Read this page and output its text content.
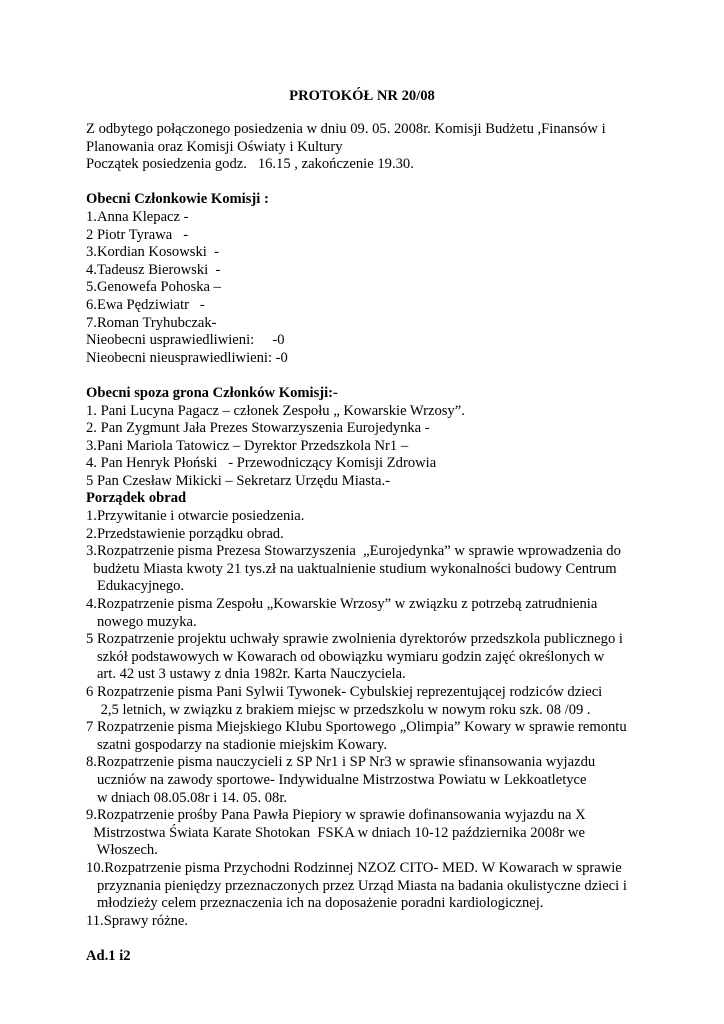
PROTOKÓŁ NR 20/08

Z odbytego połączonego posiedzenia w dniu 09. 05. 2008r. Komisji Budżetu ,Finansów i

Planowania oraz Komisji Oświaty i Kultury

Początek posiedzenia godz.   16.15 , zakończenie 19.30.

Obecni Członkowie Komisji :

1.Anna Klepacz -

2 Piotr Tyrawa   -

3.Kordian Kosowski  -

4.Tadeusz Bierowski  -

5.Genowefa Pohoska –

6.Ewa Pędziwiatr   -

7.Roman Tryhubczak-

Nieobecni usprawiedliwieni:     -0

Nieobecni nieusprawiedliwieni: -0

Obecni spoza grona Członków Komisji:-

1. Pani Lucyna Pagacz – członek Zespołu „ Kowarskie Wrzosy”.

2. Pan Zygmunt Jała Prezes Stowarzyszenia Eurojedynka -

3.Pani Mariola Tatowicz – Dyrektor Przedszkola Nr1 –

4. Pan Henryk Płoński   - Przewodniczący Komisji Zdrowia

5 Pan Czesław Mikicki – Sekretarz Urzędu Miasta.-

Porządek obrad

1.Przywitanie i otwarcie posiedzenia.

2.Przedstawienie porządku obrad.

3.Rozpatrzenie pisma Prezesa Stowarzyszenia  „Eurojedynka” w sprawie wprowadzenia do

budżetu Miasta kwoty 21 tys.zł na uaktualnienie studium wykonalności budowy Centrum

Edukacyjnego.

4.Rozpatrzenie pisma Zespołu „Kowarskie Wrzosy” w związku z potrzebą zatrudnienia

nowego muzyka.

5 Rozpatrzenie projektu uchwały sprawie zwolnienia dyrektorów przedszkola publicznego i

szkół podstawowych w Kowarach od obowiązku wymiaru godzin zajęć określonych w

art. 42 ust 3 ustawy z dnia 1982r. Karta Nauczyciela.

6 Rozpatrzenie pisma Pani Sylwii Tywonek- Cybulskiej reprezentującej rodziców dzieci

2,5 letnich, w związku z brakiem miejsc w przedszkolu w nowym roku szk. 08 /09 .

7 Rozpatrzenie pisma Miejskiego Klubu Sportowego „Olimpia” Kowary w sprawie remontu

szatni gospodarzy na stadionie miejskim Kowary.

8.Rozpatrzenie pisma nauczycieli z SP Nr1 i SP Nr3 w sprawie sfinansowania wyjazdu

uczniów na zawody sportowe- Indywidualne Mistrzostwa Powiatu w Lekkoatletyce

w dniach 08.05.08r i 14. 05. 08r.

9.Rozpatrzenie prośby Pana Pawła Piepiory w sprawie dofinansowania wyjazdu na X

Mistrzostwa Świata Karate Shotokan  FSKA w dniach 10-12 października 2008r we

Włoszech.

10.Rozpatrzenie pisma Przychodni Rodzinnej NZOZ CITO- MED. W Kowarach w sprawie

przyznania pieniędzy przeznaczonych przez Urząd Miasta na badania okulistyczne dzieci i

młodzieży celem przeznaczenia ich na doposażenie poradni kardiologicznej.

11.Sprawy różne.

Ad.1 i2
